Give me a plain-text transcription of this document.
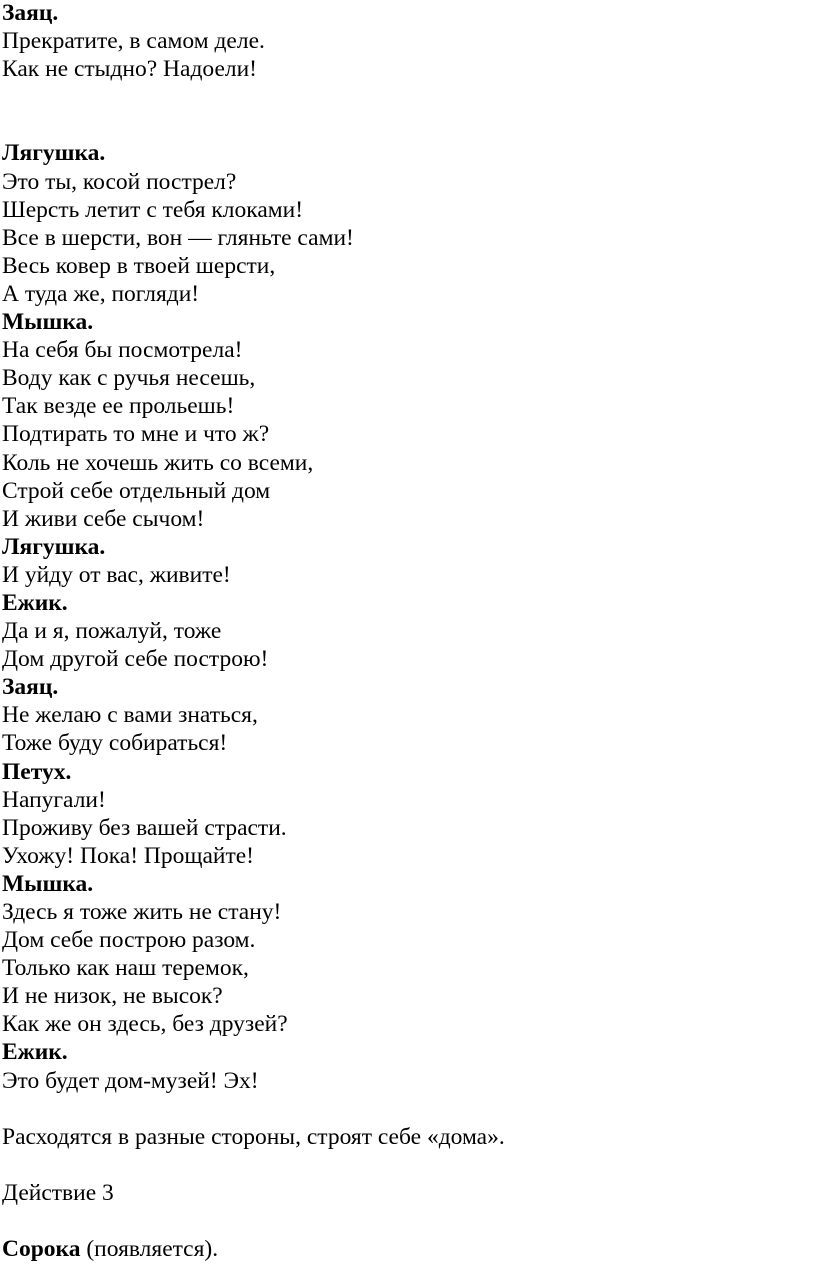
Заяц.
Прекратите, в самом деле.
Как не стыдно? Надоели!
Лягушка.
Это ты, косой пострел?
Шерсть летит с тебя клоками!
Все в шерсти, вон — гляньте сами!
Весь ковер в твоей шерсти,
А туда же, погляди!
Мышка.
На себя бы посмотрела!
Воду как с ручья несешь,
Так везде ее прольешь!
Подтирать то мне и что ж?
Коль не хочешь жить со всеми,
Строй себе отдельный дом
И живи себе сычом!
Лягушка.
И уйду от вас, живите!
Ежик.
Да и я, пожалуй, тоже
Дом другой себе построю!
Заяц.
Не желаю с вами знаться,
Тоже буду собираться!
Петух.
Напугали!
Проживу без вашей страсти.
Ухожу! Пока! Прощайте!
Мышка.
Здесь я тоже жить не стану!
Дом себе построю разом.
Только как наш теремок,
И не низок, не высок?
Как же он здесь, без друзей?
Ежик.
Это будет дом-музей! Эх!
Расходятся в разные стороны, строят себе «дома».
Действие 3
Сорока (появляется).
